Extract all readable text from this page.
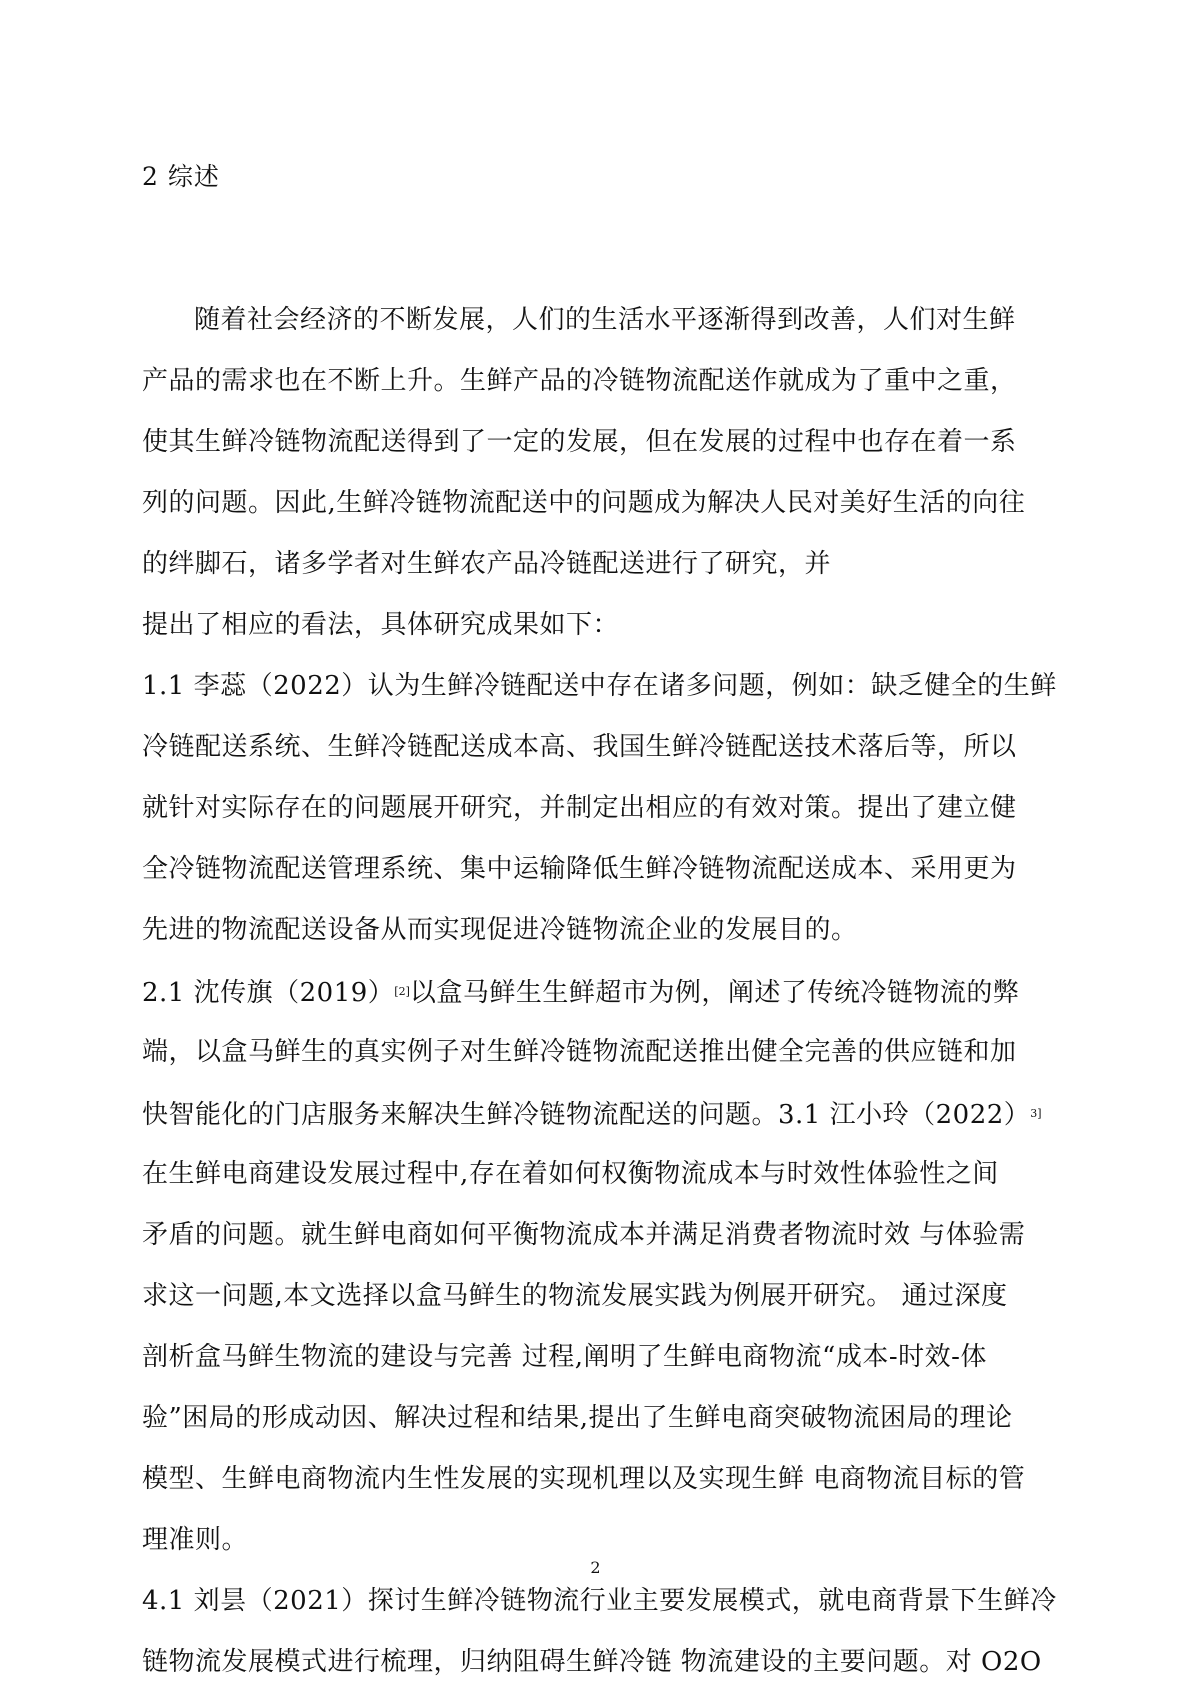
2 综述
随着社会经济的不断发展，人们的生活水平逐渐得到改善，人们对生鲜
产品的需求也在不断上升。生鲜产品的冷链物流配送作就成为了重中之重，
使其生鲜冷链物流配送得到了一定的发展，但在发展的过程中也存在着一系
列的问题。因此,生鲜冷链物流配送中的问题成为解决人民对美好生活的向往
的绊脚石，诸多学者对生鲜农产品冷链配送进行了研究，并
提出了相应的看法，具体研究成果如下：
1.1 李蕊（2022）认为生鲜冷链配送中存在诸多问题，例如：缺乏健全的生鲜
冷链配送系统、生鲜冷链配送成本高、我国生鲜冷链配送技术落后等，所以
就针对实际存在的问题展开研究，并制定出相应的有效对策。提出了建立健
全冷链物流配送管理系统、集中运输降低生鲜冷链物流配送成本、采用更为
先进的物流配送设备从而实现促进冷链物流企业的发展目的。
2.1 沈传旗（2019）[2]以盒马鲜生生鲜超市为例，阐述了传统冷链物流的弊
端，以盒马鲜生的真实例子对生鲜冷链物流配送推出健全完善的供应链和加
快智能化的门店服务来解决生鲜冷链物流配送的问题。3.1 江小玲$(2022)^{3]}$
在生鲜电商建设发展过程中,存在着如何权衡物流成本与时效性体验性之间
矛盾的问题。就生鲜电商如何平衡物流成本并满足消费者物流时效 与体验需
求这一问题,本文选择以盒马鲜生的物流发展实践为例展开研究。 通过深度
剖析盒马鲜生物流的建设与完善 过程,阐明了生鲜电商物流“成本-时效-体
验”困局的形成动因、解决过程和结果,提出了生鲜电商突破物流困局的理论
模型、生鲜电商物流内生性发展的实现机理以及实现生鲜 电商物流目标的管
理准则。
4.1 刘昙（2021）探讨生鲜冷链物流行业主要发展模式，就电商背景下生鲜冷
链物流发展模式进行梳理，归纳阻碍生鲜冷链 物流建设的主要问题。对 O2O
2
